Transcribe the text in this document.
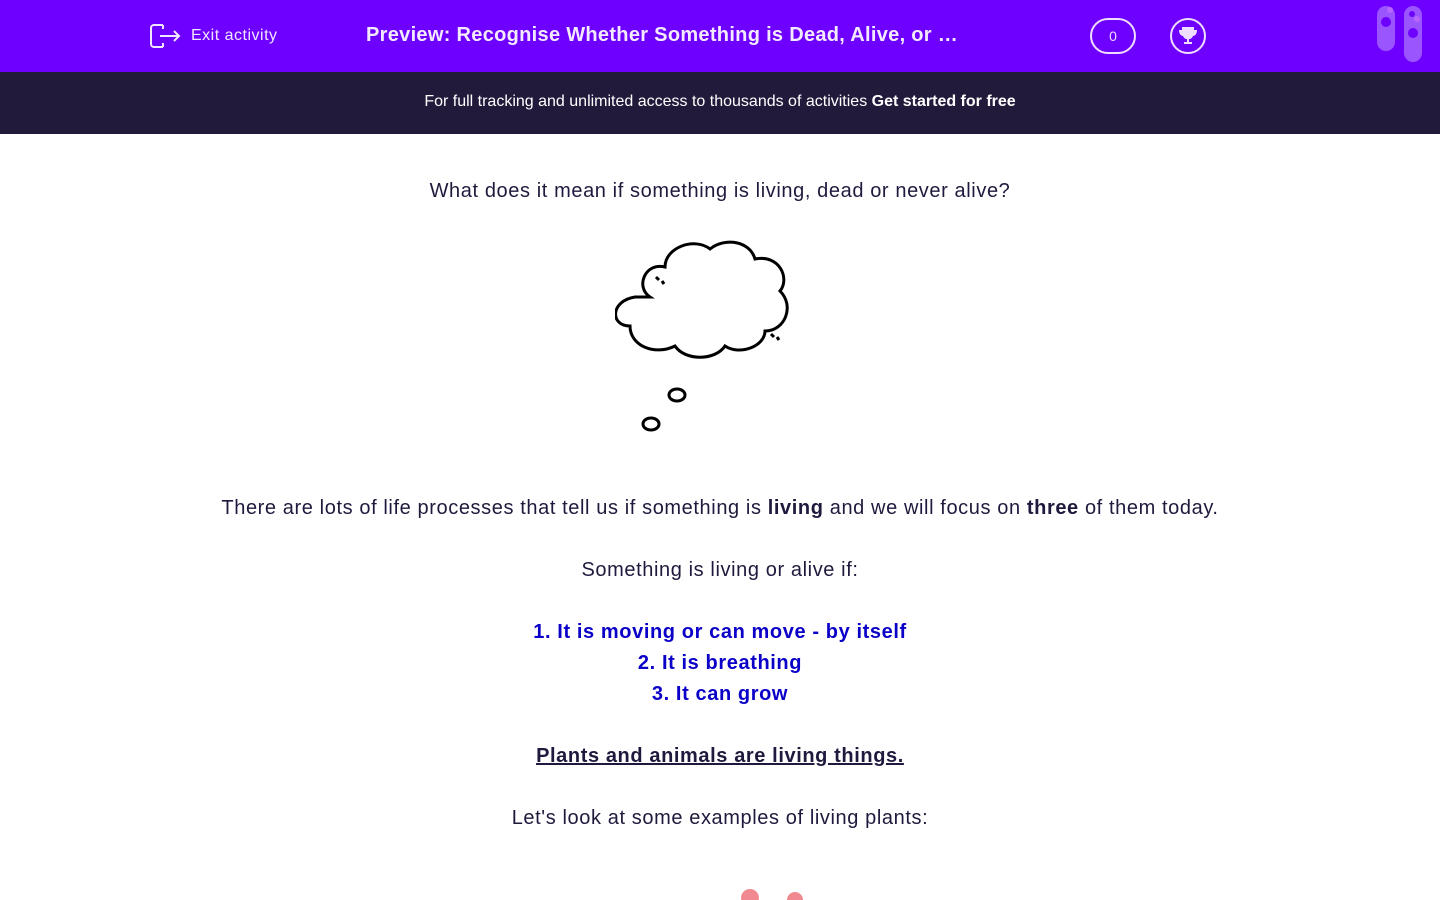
Exit activity	Preview: Recognise Whether Something is Dead, Alive, or …	0
For full tracking and unlimited access to thousands of activities Get started for free
What does it mean if something is living, dead or never alive?
There are lots of life processes that tell us if something is living and we will focus on three of them today.
Something is living or alive if:
1. It is moving or can move - by itself
2. It is breathing
3. It can grow
Plants and animals are living things.
Let's look at some examples of living plants:
